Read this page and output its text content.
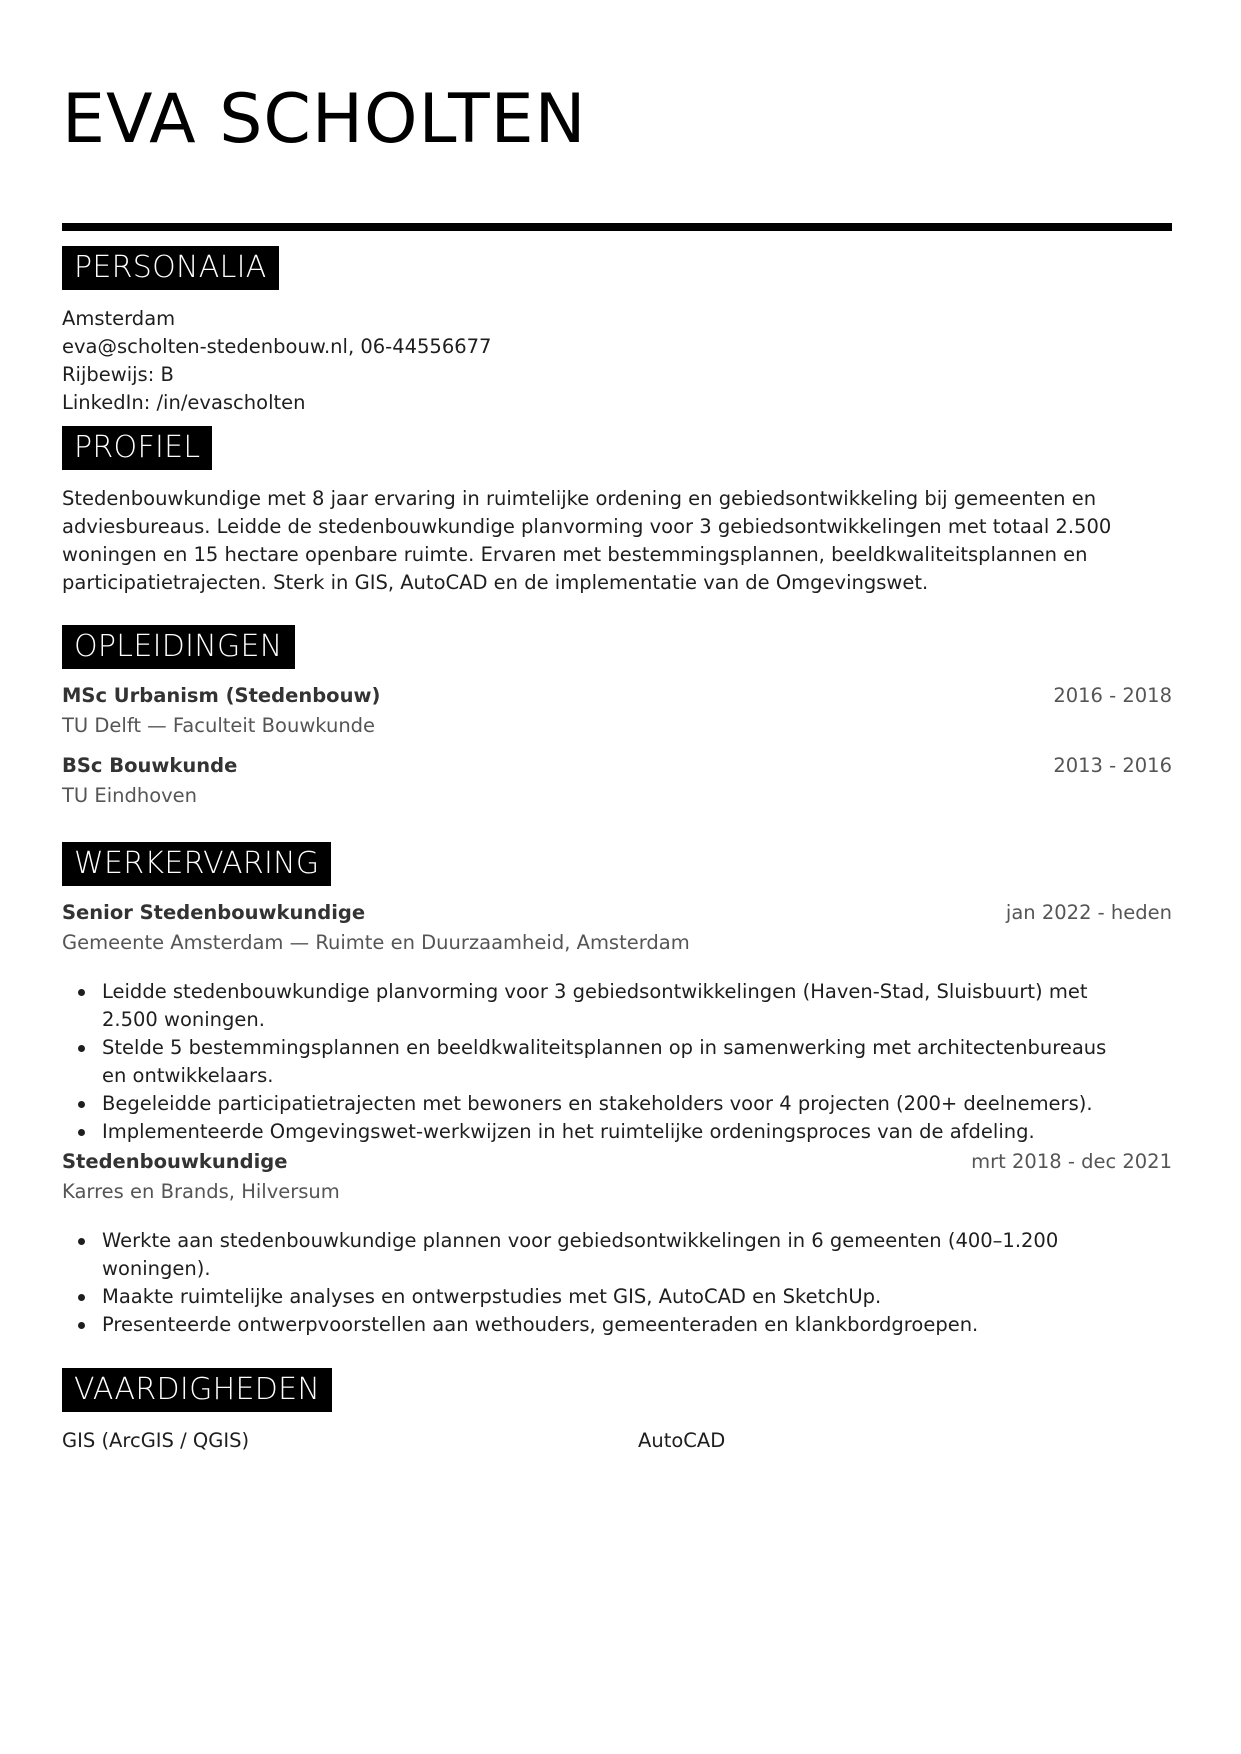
EVA SCHOLTEN
PERSONALIA
Amsterdam
eva@scholten-stedenbouw.nl, 06-44556677
Rijbewijs: B
LinkedIn: /in/evascholten
PROFIEL
Stedenbouwkundige met 8 jaar ervaring in ruimtelijke ordening en gebiedsontwikkeling bij gemeenten en
adviesbureaus. Leidde de stedenbouwkundige planvorming voor 3 gebiedsontwikkelingen met totaal 2.500
woningen en 15 hectare openbare ruimte. Ervaren met bestemmingsplannen, beeldkwaliteitsplannen en
participatietrajecten. Sterk in GIS, AutoCAD en de implementatie van de Omgevingswet.
OPLEIDINGEN
MSc Urbanism (Stedenbouw)	2016 - 2018
TU Delft — Faculteit Bouwkunde
BSc Bouwkunde	2013 - 2016
TU Eindhoven
WERKERVARING
Senior Stedenbouwkundige	jan 2022 - heden
Gemeente Amsterdam — Ruimte en Duurzaamheid, Amsterdam
Leidde stedenbouwkundige planvorming voor 3 gebiedsontwikkelingen (Haven-Stad, Sluisbuurt) met
2.500 woningen.
Stelde 5 bestemmingsplannen en beeldkwaliteitsplannen op in samenwerking met architectenbureaus
en ontwikkelaars.
Begeleidde participatietrajecten met bewoners en stakeholders voor 4 projecten (200+ deelnemers).
Implementeerde Omgevingswet-werkwijzen in het ruimtelijke ordeningsproces van de afdeling.
Stedenbouwkundige	mrt 2018 - dec 2021
Karres en Brands, Hilversum
Werkte aan stedenbouwkundige plannen voor gebiedsontwikkelingen in 6 gemeenten (400–1.200
woningen).
Maakte ruimtelijke analyses en ontwerpstudies met GIS, AutoCAD en SketchUp.
Presenteerde ontwerpvoorstellen aan wethouders, gemeenteraden en klankbordgroepen.
VAARDIGHEDEN
GIS (ArcGIS / QGIS)	AutoCAD
